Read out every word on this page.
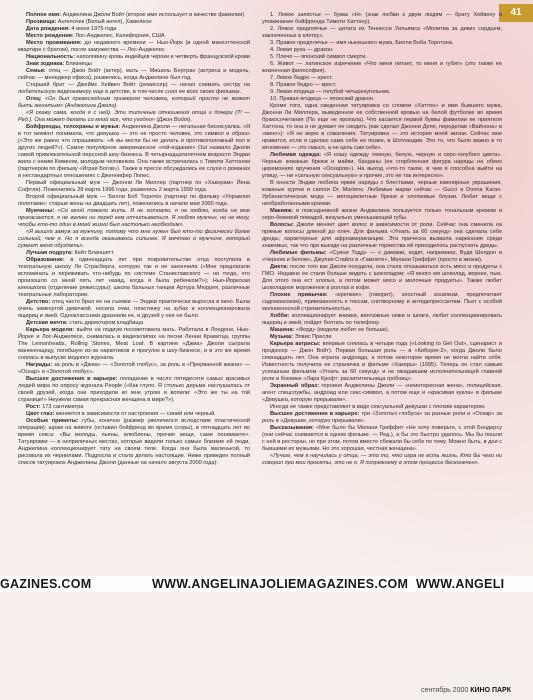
41

Полное имя: Анджелина Джоли Войт (второе имя использует в качестве фамилии)

Прозвища: Ангелочек (Белый ангел), Хамелеон

Дата рождения: 4 июня 1975 года

Место рождения: Лос-Анджелес, Калифорния, США

Место проживания: до недавнего времени — Нью-Йорк (в одной манхэттенской квартире с братом), после замужества — Лос-Анджелес

Национальность: наполовину кровь индейцев чероки и четверть французской крови

Знак зодиака: Близнецы

Семья: отец — Джон Войт (актер), мать — Мишель Бертран (актриса и модель, сейчас — менеджер офиса), развелись, когда Анджелине был год.

Старший брат — Джеймс Хейвен Войт (режиссер) — начал снимать сестру на любительскую видеокамеру еще в детстве, в том числе снял ее всех своих фильмах.

Отец: «Он был превосходным примером человека, который просто не может быть женатым» (Анджелина Джоли).

«Я скажу сама, когда я с ней). Эти типичные отношения отца и дочери (?! — Ред.). Она может делать со мной все, что угодно» (Джон Войт).

Бойфренды, телохраны и мужья: Анджелина Джоли — легальная бисексуалка. «Я в тот момент понимала, что девушка — это не просто человек, это символ и образ» («Это же равно что спрашивать: «А вы могли бы не делать и противоположный пол в других людей?»). Самое популярное американское «гей-издание» Out назвало Джоли самой привлекательной персоной шоу-бизнеса. В четырнадцатилетнем возрасте Энджи жила с неким Кевином, молодым человеком. Она также встречалась с Тимоти Хаттоном (партнером по фильму «Играя Богов»). Также в прессе обсуждались ее слухи о романах и нестандартных отношениях с Дженнифер Лопес.

Первый официальный муж — Джонни Ли Миллер (партнер по «Хакерам» Йена Софтли). Поженились 28 марта 1996 года, развелись 2 марта 1999 года.

Второй официальный муж — Билли Боб Торнтон (партнер по фильму «Управляя полетами»; старше жены на двадцать лет), поженились в начале мая 2000 года.

Мужчины: «Со мной тяжело жить. Я не готовлю, я не люблю, когда на мне прикасаются, я не желаю ни перед кем отчитываться. Я люблю мужчин, но не могу, чтобы кто-то один в моей жизни был настолько необходим».

«Я вышла замуж за мужчину, потому что мне нужен был кто-то физически более сильный, чем я. Но я всегда оказываюсь сильнее. Я мечтаю о мужчине, который сумеет меня обуздать».

Лучшая подруга: Кейт Бланшетт

Образование: в одиннадцать лет при покровительстве отца поступила в театральную школу Ли Страсберга, которую так и не закончила («Мне предлагали вспоминать и переживать что-нибудь по системе Станиславского — но тогда, что произошло со мной пять лет назад, когда я была ребенком?»); Нью-Йоркская киношкола (отделение режиссуры); школа бальных танцев Артура Мюррея, различные театральные лаборатории.

Детство: отец часто брал ее на съемки — Энджи практически выросла в кино. Была очень замкнутой девочкой, носила очки, пластинку на зубах и коллекционировала ящериц и змей. Одноклассники дразнили ее, и друзей у нее не было.

Детская мечта: стать директором кладбища

Карьера модели: выйти на подиум посоветовала мать. Работала в Лондоне, Нью-Йорке и Лос-Анджелесе, снималась в видеоклипах на песни Ленни Кравитца, группы The Lemonheads, Rolling Stones, Meat Loaf. В картине «Джиа» Джоли сыграла манекенщицу, погибшую из-за наркотиков и прогулок в шоу-бизнесе, и в это же время снялась в выпуске модного журнала.

Награды: за роль в «Джиа» — «Золотой глобус», за роль в «Прерванной жизни» — «Оскар» и «Золотой глобус».

Высшее достижение в карьере: попадание в число пятидесяти самых красивых людей мира по опросу журнала People («Как глупо. Я столько дерьма наслушалась от своей друзей, когда они приходили ко мне утром и вопили: «Это же ты на той странице!» Неужели самая прекрасная женщина в мире?»).

Рост: 173 сантиметра

Цвет глаз: меняется в зависимости от настроения — синий или черный.

Особые приметы: губы, конечно (размер увеличился вследствие пластической операции); шрам на животе (оставил бойфренд во время ссоры), в пятнадцать лет во время секса: «Вы молоды, пьяны, влюблены, прочие вещи, сами понимаете». Татуировки — в неприличных местах, которые видели только самые близкие ей люди, Анджелина коллекционирует тату на своем теле. Когда она была маленькой, то рисовала их чернилами. Подросла и стала делать настоящие. Ниже приведен полный список татуировок Анджелины Джоли (данные на начало августа 2000 года):

1. Левое запястье — буква «Н» (знак любви к двум людям — брату Хейвену и упоминание бойфренда Тимоти Хаттону).

2. Левое предплечье — цитата из Теннесси Уильямса «Молитва за диких сердцем, заключенных в клетку».

3. Правое предплечье — имя нынешнего мужа, Билли Боба Торнтона.

4. Левая рука — дракон.

5. Плечо — японский символ смерти.

6. Живот — латинское изречение «Что меня питает, то меня и губит» (это также ее жизненная философия).

7. Левое бедро — крест.

8. Правое бедро — крест.

9. Левая ягодица — голубой четырехугольник.

10. Правая ягодица — японский дракон.

Кроме того, одна сведенная татуировка со словом «Хаттон» и имя бывшего мужа, Джонни Ли Миллера, выведенное ее собственной кровью на белой футболке во время бракосочетания (По еще не пропала). Что касается первой буквы фамилии ее приятеля Хаттона, то она и не думает ее сводить (как сделал Джонни Депп, переделав «Вайнона» в «вино»): «Я не верю в сожаления. Татуировка — это история моей жизни. Сейчас мне нравится, если я сделаю сама себе ее позже, в Шотландии. Это то, что было важно в то мгновение — это смысл, а не цель сам себе».

Любимая одежда: «Я ношу одежду темную, белую, черную и серо-голубого цвета». Черные кожаные брюки и майки, банданы (ее сгорбленная фигура наряды на обеих церемониях вручения «Оскаров»). На выход «что-то такое, в чем я способна выйти на улицу, — ни «сильную сексуальную» и прочие, это не так интересно».

В юности Энджи любила яркие наряды с блестками, черные ювелирные украшения, кожаные куртки и сапоги Dr. Martens. Любимые марки сейчас — Gucci и Donna Karan. Урбанистическая мода — мотоциклетные брюки и хлопковые блузки. Любит вещи с необработанными краями.

Макияж: в повседневной жизни Анджелина пользуется только тональным кремом и серо-бежевой помадой, визуально уменьшающей губы.

Волосы: Джоли меняет цвет волос в зависимости от роли. Сейчас она сменила на прямые волосы длиной до плеч. Для фильма «Угнать за 60 секунд» она сделала себе дреды, характерные для афроамериканцев. Эта прическа вызвала нарекания среди знакомых, так что при выезде на различные торжества ей приходилось распускать дреды.

Любимые фильмы: «Суини Тодд» — с дамами, ходят, напримaep, Вуди Шелдон и «Черном и белом», Джулия Стайлз в «Гамлете», Мелани Гриффит (просто в жизни).

Диета: после того как Джоли похудела, она стала отказываться есть мясо и продукты с ГМО. Недавно ее стали больше видеть с шоколадом: «Я много ем шоколад, вернее, пью. Для этого она ест хлопья, а потом может мясо и молочные продукты». Также любит шоколадное мороженое в роллах и кофе.

Плохие привычки: «крепкие» (говорит), злостный эскапизм, предпочитает садомазохизм), привязанность к тексам, снотворному и антидепрессантам. Пьет с особой молниеносной стремительностью.

Хобби: коллекционирует книжки, винтажные ножи и шпаги, любит коллекционировать ящериц и змей, пойдет болтать по телефону.

Машина: «Форд» (модели любит ее больше).

Музыка: Элвис Пресли

Карьера актрисы: впервые снялась в четыре года («Looking to Get Out», сценарист и продюсер — Джон Войт). Первая большая роль — в «Киборге-2», когда Джоли было семнадцать лет. Она играла андроида, а потом некоторое время не могла найти себя. Известность получила ее страничка в фильме «Хакеры» (1995). Теперь он стал самым успешным фильмом «Угнать за 60 секунд» и не ожидавшим исполнительницей главной роли в боевике «Лара Крофт: расхитительница гробниц».

Экранный образ: героиня Анджелины Джоли — «неинтересная жена», полицейская, агент спецслужбы, андроид или секс-символ, а потом еще и «красивая кукла» в фильме «Девушка, которую прерывали».

Иногда ее также представляют в виде сексуальной девушки с плохим характером.

Высшее достижение в карьере: три «Золотых глобуса» за разные роли и «Оскар» за роль в «Девушке, которую прерывали».

Высказывания: «Мне было бы Мелани Гриффит «Не хочу поверьте, с этой Бондерсу (они сейчас снимаются в одном фильме. — Ред.), а бы это быстро удалось. Мы бы пошли с ней в ресторан, но при этом, потом вместе сбежали бы себе по тему. Можно быть, в дни с бывшими их мужьями. Но это хорошая, честная женщина».

«Лучше, чем я научилась у отца, — это то, что игра не есть жизнь. Кто бы чего ни говорил про мои проекты, это не я. Я попрежнему в этом процессе бесконечен».

GAZINES.COM	WWW.ANGELINAJOLIEMAGAZINES.COM WWW.ANGELI
сентябрь 2000 КИНО ПАРК
